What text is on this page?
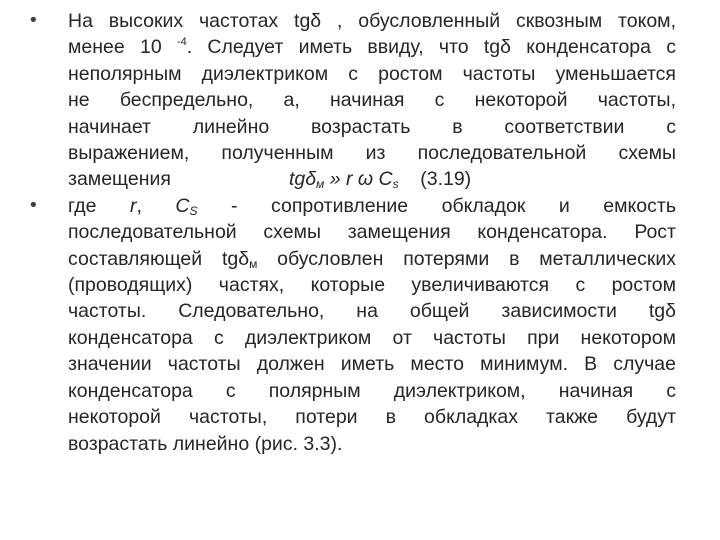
• На высоких частотах tgδ , обусловленный сквозным током,
менее 10 $^{-4}$. Следует иметь ввиду, что tgδ конденсатора с
неполярным диэлектриком с ростом частоты уменьшается
не беспредельно, а, начиная с некоторой частоты,
начинает линейно возрастать в соответствии с
выражением, полученным из последовательной схемы
замещения	tgδ$_м$ » r ω $C_s$ (3.19)
• где r, $C_S$ - сопротивление обкладок и емкость
последовательной схемы замещения конденсатора. Рост
составляющей tgδ$_м$ обусловлен потерями в металлических
(проводящих) частях, которые увеличиваются с ростом
частоты. Следовательно, на общей зависимости tgδ
конденсатора с диэлектриком от частоты при некотором
значении частоты должен иметь место минимум. В случае
конденсатора с полярным диэлектриком, начиная с
некоторой частоты, потери в обкладках также будут
возрастать линейно (рис. 3.3).
